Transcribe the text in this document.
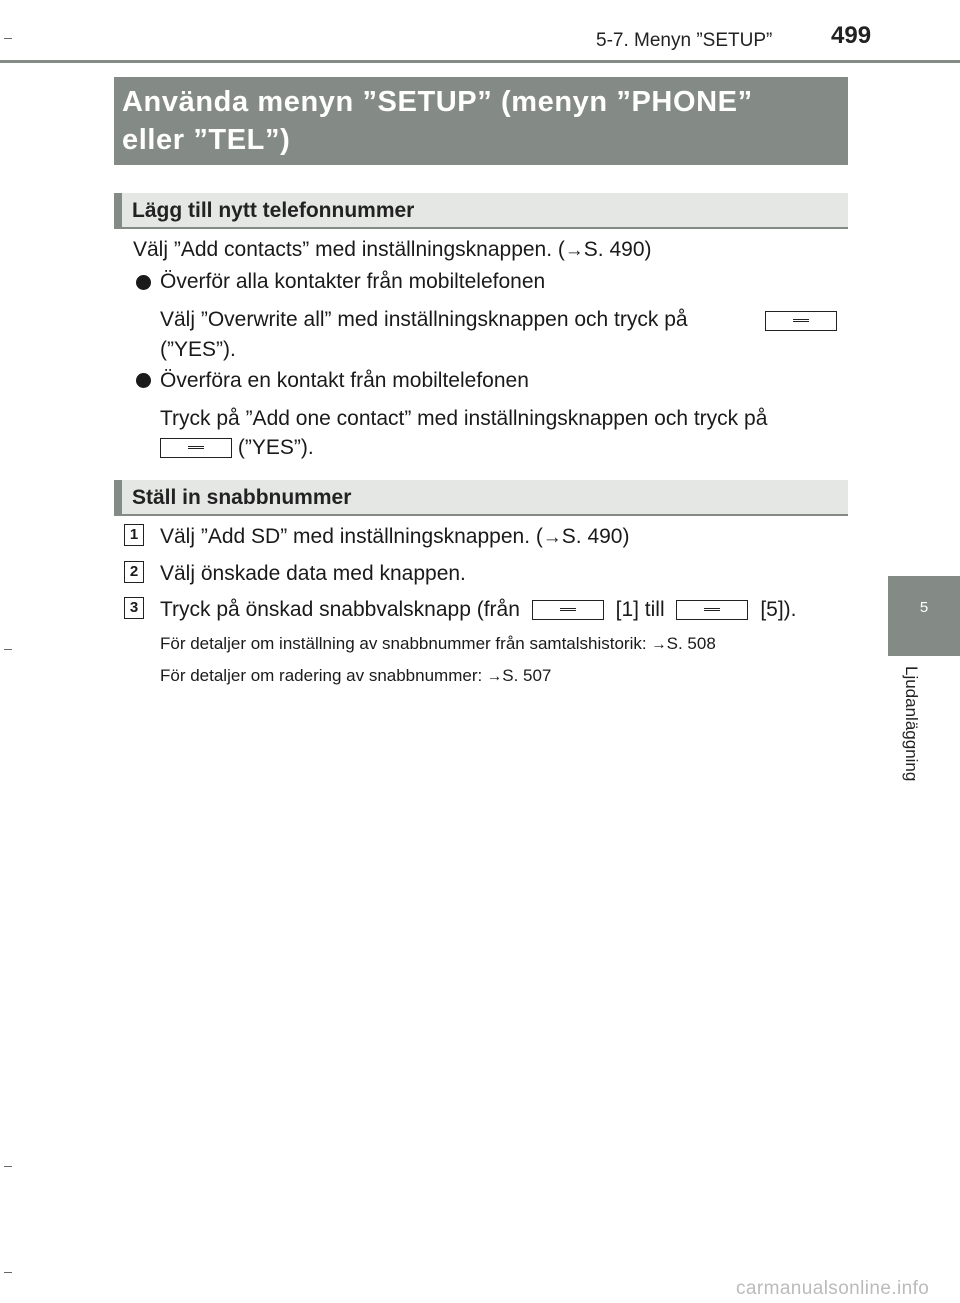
5-7. Menyn ”SETUP” 499
5
Ljudanläggning
Använda menyn ”SETUP” (menyn ”PHONE”
eller ”TEL”)
Lägg till nytt telefonnummer
Välj ”Add contacts” med inställningsknappen. (→S. 490)
Överför alla kontakter från mobiltelefonen
Välj ”Overwrite all” med inställningsknappen och tryck på
(”YES”).
Överföra en kontakt från mobiltelefonen
Tryck på ”Add one contact” med inställningsknappen och tryck på
(”YES”).
Ställ in snabbnummer
1 Välj ”Add SD” med inställningsknappen. (→S. 490)
2 Välj önskade data med knappen.
3 Tryck på önskad snabbvalsknapp (från	[1] till	[5]).
För detaljer om inställning av snabbnummer från samtalshistorik: →S. 508
För detaljer om radering av snabbnummer: →S. 507
carmanualsonline.info
